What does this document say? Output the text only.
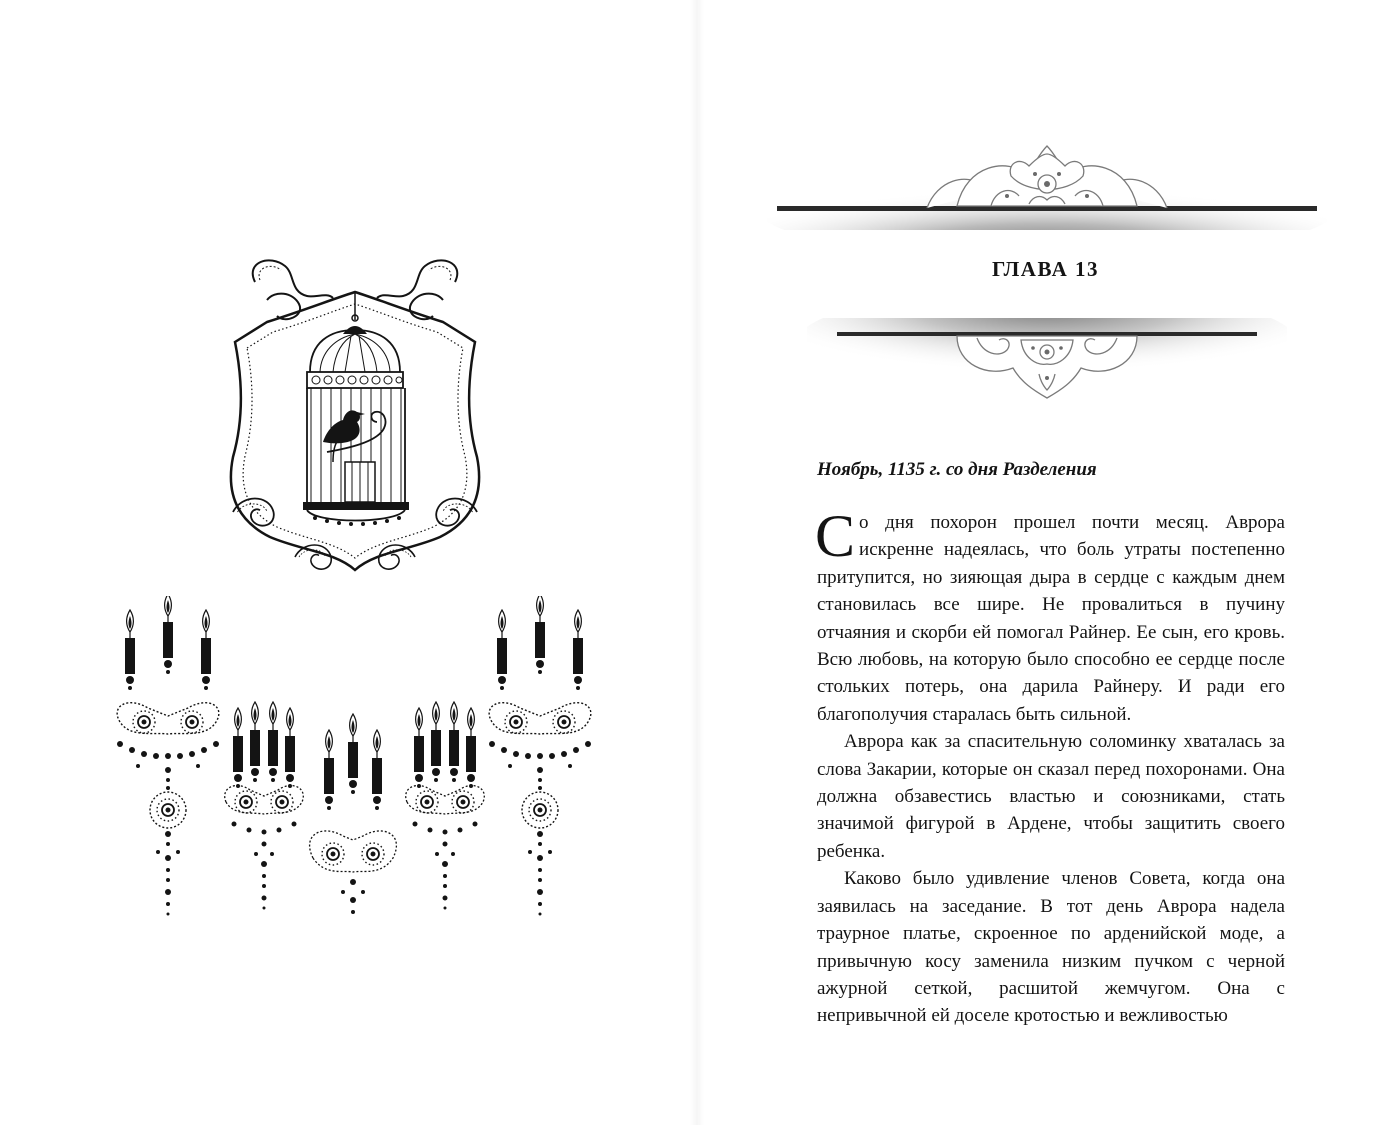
ГЛАВА 13

Ноябрь, 1135 г. со дня Разделения

Со дня похорон прошел почти месяц. Аврора искренне надеялась, что боль утраты постепенно притупится, но зияющая дыра в сердце с каждым днем становилась все шире. Не провалиться в пучину отчаяния и скорби ей помогал Райнер. Ее сын, его кровь. Всю любовь, на которую было способно ее сердце после стольких потерь, она дарила Райнеру. И ради его благополучия старалась быть сильной.

Аврора как за спасительную соломинку хваталась за слова Закарии, которые он сказал перед похоронами. Она должна обзавестись властью и союзниками, стать значимой фигурой в Ардене, чтобы защитить своего ребенка.

Каково было удивление членов Совета, когда она заявилась на заседание. В тот день Аврора надела траурное платье, скроенное по арденийской моде, а привычную косу заменила низким пучком с черной ажурной сеткой, расшитой жемчугом. Она с непривычной ей доселе кротостью и вежливостью
